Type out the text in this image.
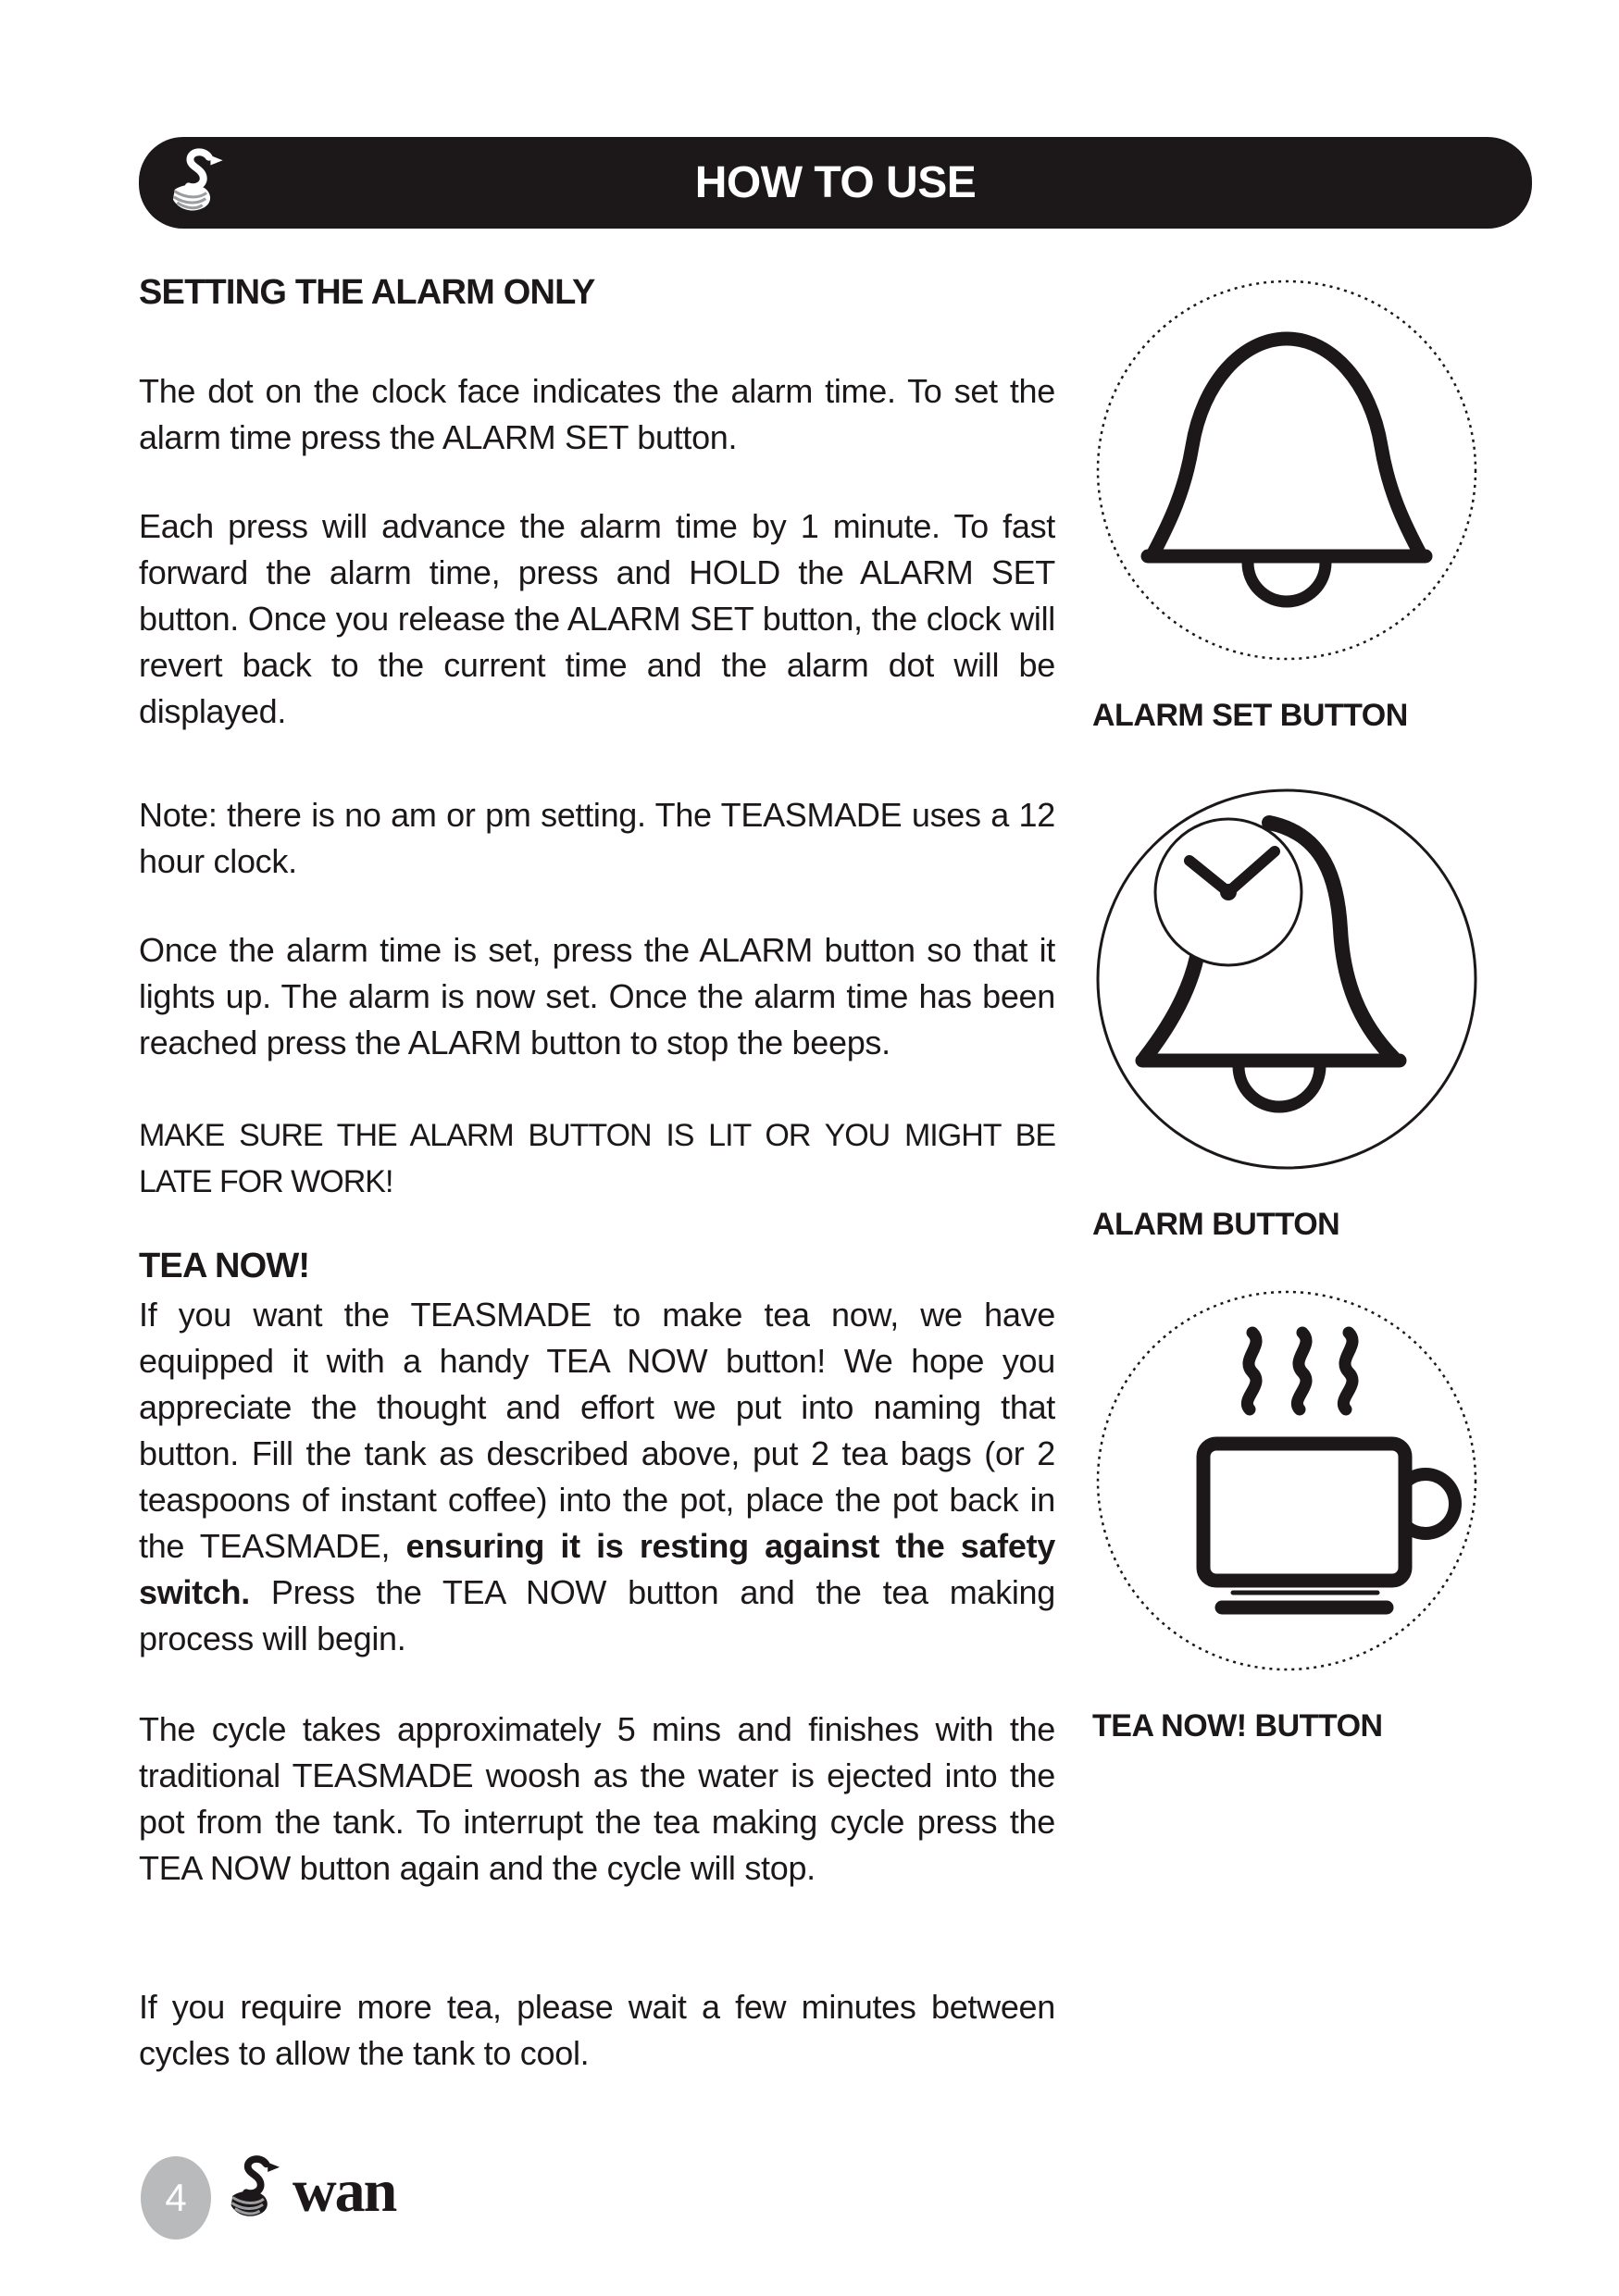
HOW TO USE
SETTING THE ALARM ONLY

The dot on the clock face indicates the alarm time. To set the alarm time press the ALARM SET button.

Each press will advance the alarm time by 1 minute. To fast forward the alarm time, press and HOLD the ALARM SET button. Once you release the ALARM SET button, the clock will revert back to the current time and the alarm dot will be displayed.

Note: there is no am or pm setting. The TEASMADE uses a 12 hour clock.

Once the alarm time is set, press the ALARM button so that it lights up. The alarm is now set. Once the alarm time has been reached press the ALARM button to stop the beeps.

MAKE SURE THE ALARM BUTTON IS LIT OR YOU MIGHT BE LATE FOR WORK!

TEA NOW!

If you want the TEASMADE to make tea now, we have equipped it with a handy TEA NOW button! We hope you appreciate the thought and effort we put into naming that button. Fill the tank as described above, put 2 tea bags (or 2 teaspoons of instant coffee) into the pot, place the pot back in the TEASMADE, ensuring it is resting against the safety switch. Press the TEA NOW button and the tea making process will begin.

The cycle takes approximately 5 mins and finishes with the traditional TEASMADE woosh as the water is ejected into the pot from the tank. To interrupt the tea making cycle press the TEA NOW button again and the cycle will stop.

If you require more tea, please wait a few minutes between cycles to allow the tank to cool.

ALARM SET BUTTON
ALARM BUTTON
TEA NOW! BUTTON
4 wan
